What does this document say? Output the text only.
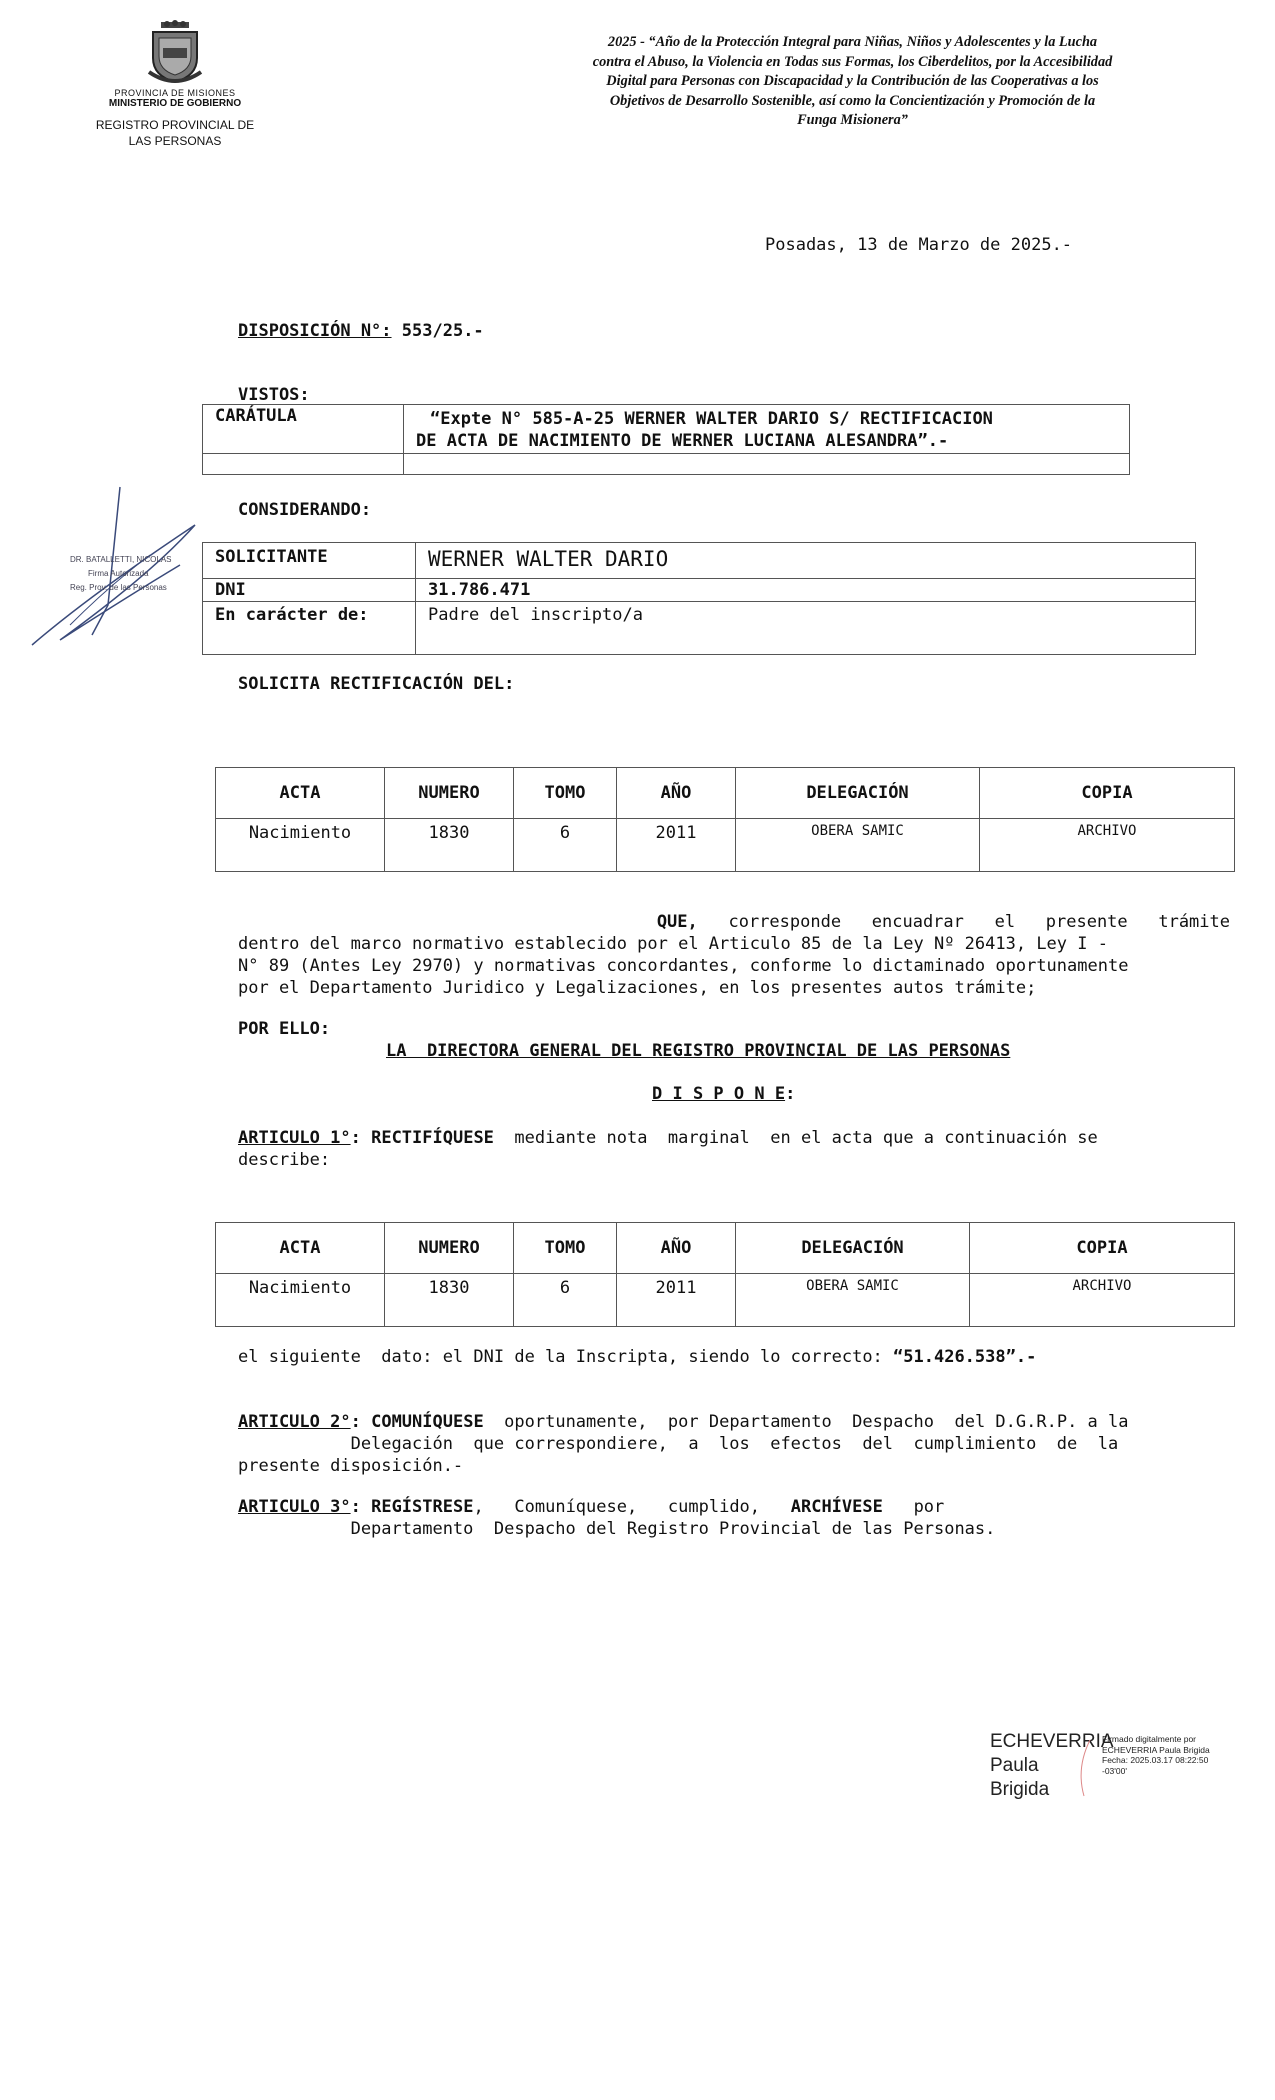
PROVINCIA DE MISIONES
MINISTERIO DE GOBIERNO
REGISTRO PROVINCIAL DE
LAS PERSONAS
2025 - “Año de la Protección Integral para Niñas, Niños y Adolescentes y la Lucha
contra el Abuso, la Violencia en Todas sus Formas, los Ciberdelitos, por la Accesibilidad
Digital para Personas con Discapacidad y la Contribución de las Cooperativas a los
Objetivos de Desarrollo Sostenible, así como la Concientización y Promoción de la
Funga Misionera”
Posadas, 13 de Marzo de 2025.-
DISPOSICIÓN N°: 553/25.-
VISTOS:
CARÁTULA	“Expte N° 585-A-25 WERNER WALTER DARIO S/ RECTIFICACION
DE ACTA DE NACIMIENTO DE WERNER LUCIANA ALESANDRA”.-

CONSIDERANDO:
SOLICITANTE	WERNER WALTER DARIO
DNI	31.786.471
En carácter de:	Padre del inscripto/a
DR. BATALLETTI, NICOLAS
Firma Autorizada
Reg. Prov. de las Personas
SOLICITA RECTIFICACIÓN DEL:
ACTA	NUMERO	TOMO	AÑO	DELEGACIÓN	COPIA
Nacimiento	1830	6	2011	OBERA SAMIC	ARCHIVO
QUE, corresponde   encuadrar   el   presente   trámite
dentro del marco normativo establecido por el Articulo 85 de la Ley Nº 26413, Ley I -
N° 89 (Antes Ley 2970) y normativas concordantes, conforme lo dictaminado oportunamente
por el Departamento Juridico y Legalizaciones, en los presentes autos trámite;
POR ELLO:
LA  DIRECTORA GENERAL DEL REGISTRO PROVINCIAL DE LAS PERSONAS
D I S P O N E:
ARTICULO 1°: RECTIFÍQUESE  mediante nota  marginal  en el acta que a continuación se
describe:
ACTA	NUMERO	TOMO	AÑO	DELEGACIÓN	COPIA
Nacimiento	1830	6	2011	OBERA SAMIC	ARCHIVO
el siguiente  dato: el DNI de la Inscripta, siendo lo correcto: “51.426.538”.-
ARTICULO 2°: COMUNÍQUESE  oportunamente,  por Departamento  Despacho  del D.G.R.P. a la
Delegación  que correspondiere,  a  los  efectos  del  cumplimiento  de  la
presente disposición.-
ARTICULO 3°: REGÍSTRESE,   Comuníquese,   cumplido,   ARCHÍVESE   por
Departamento  Despacho del Registro Provincial de las Personas.
ECHEVERRIA
Paula Brigida
Firmado digitalmente por
ECHEVERRIA Paula Brigida
Fecha: 2025.03.17 08:22:50
-03'00'
